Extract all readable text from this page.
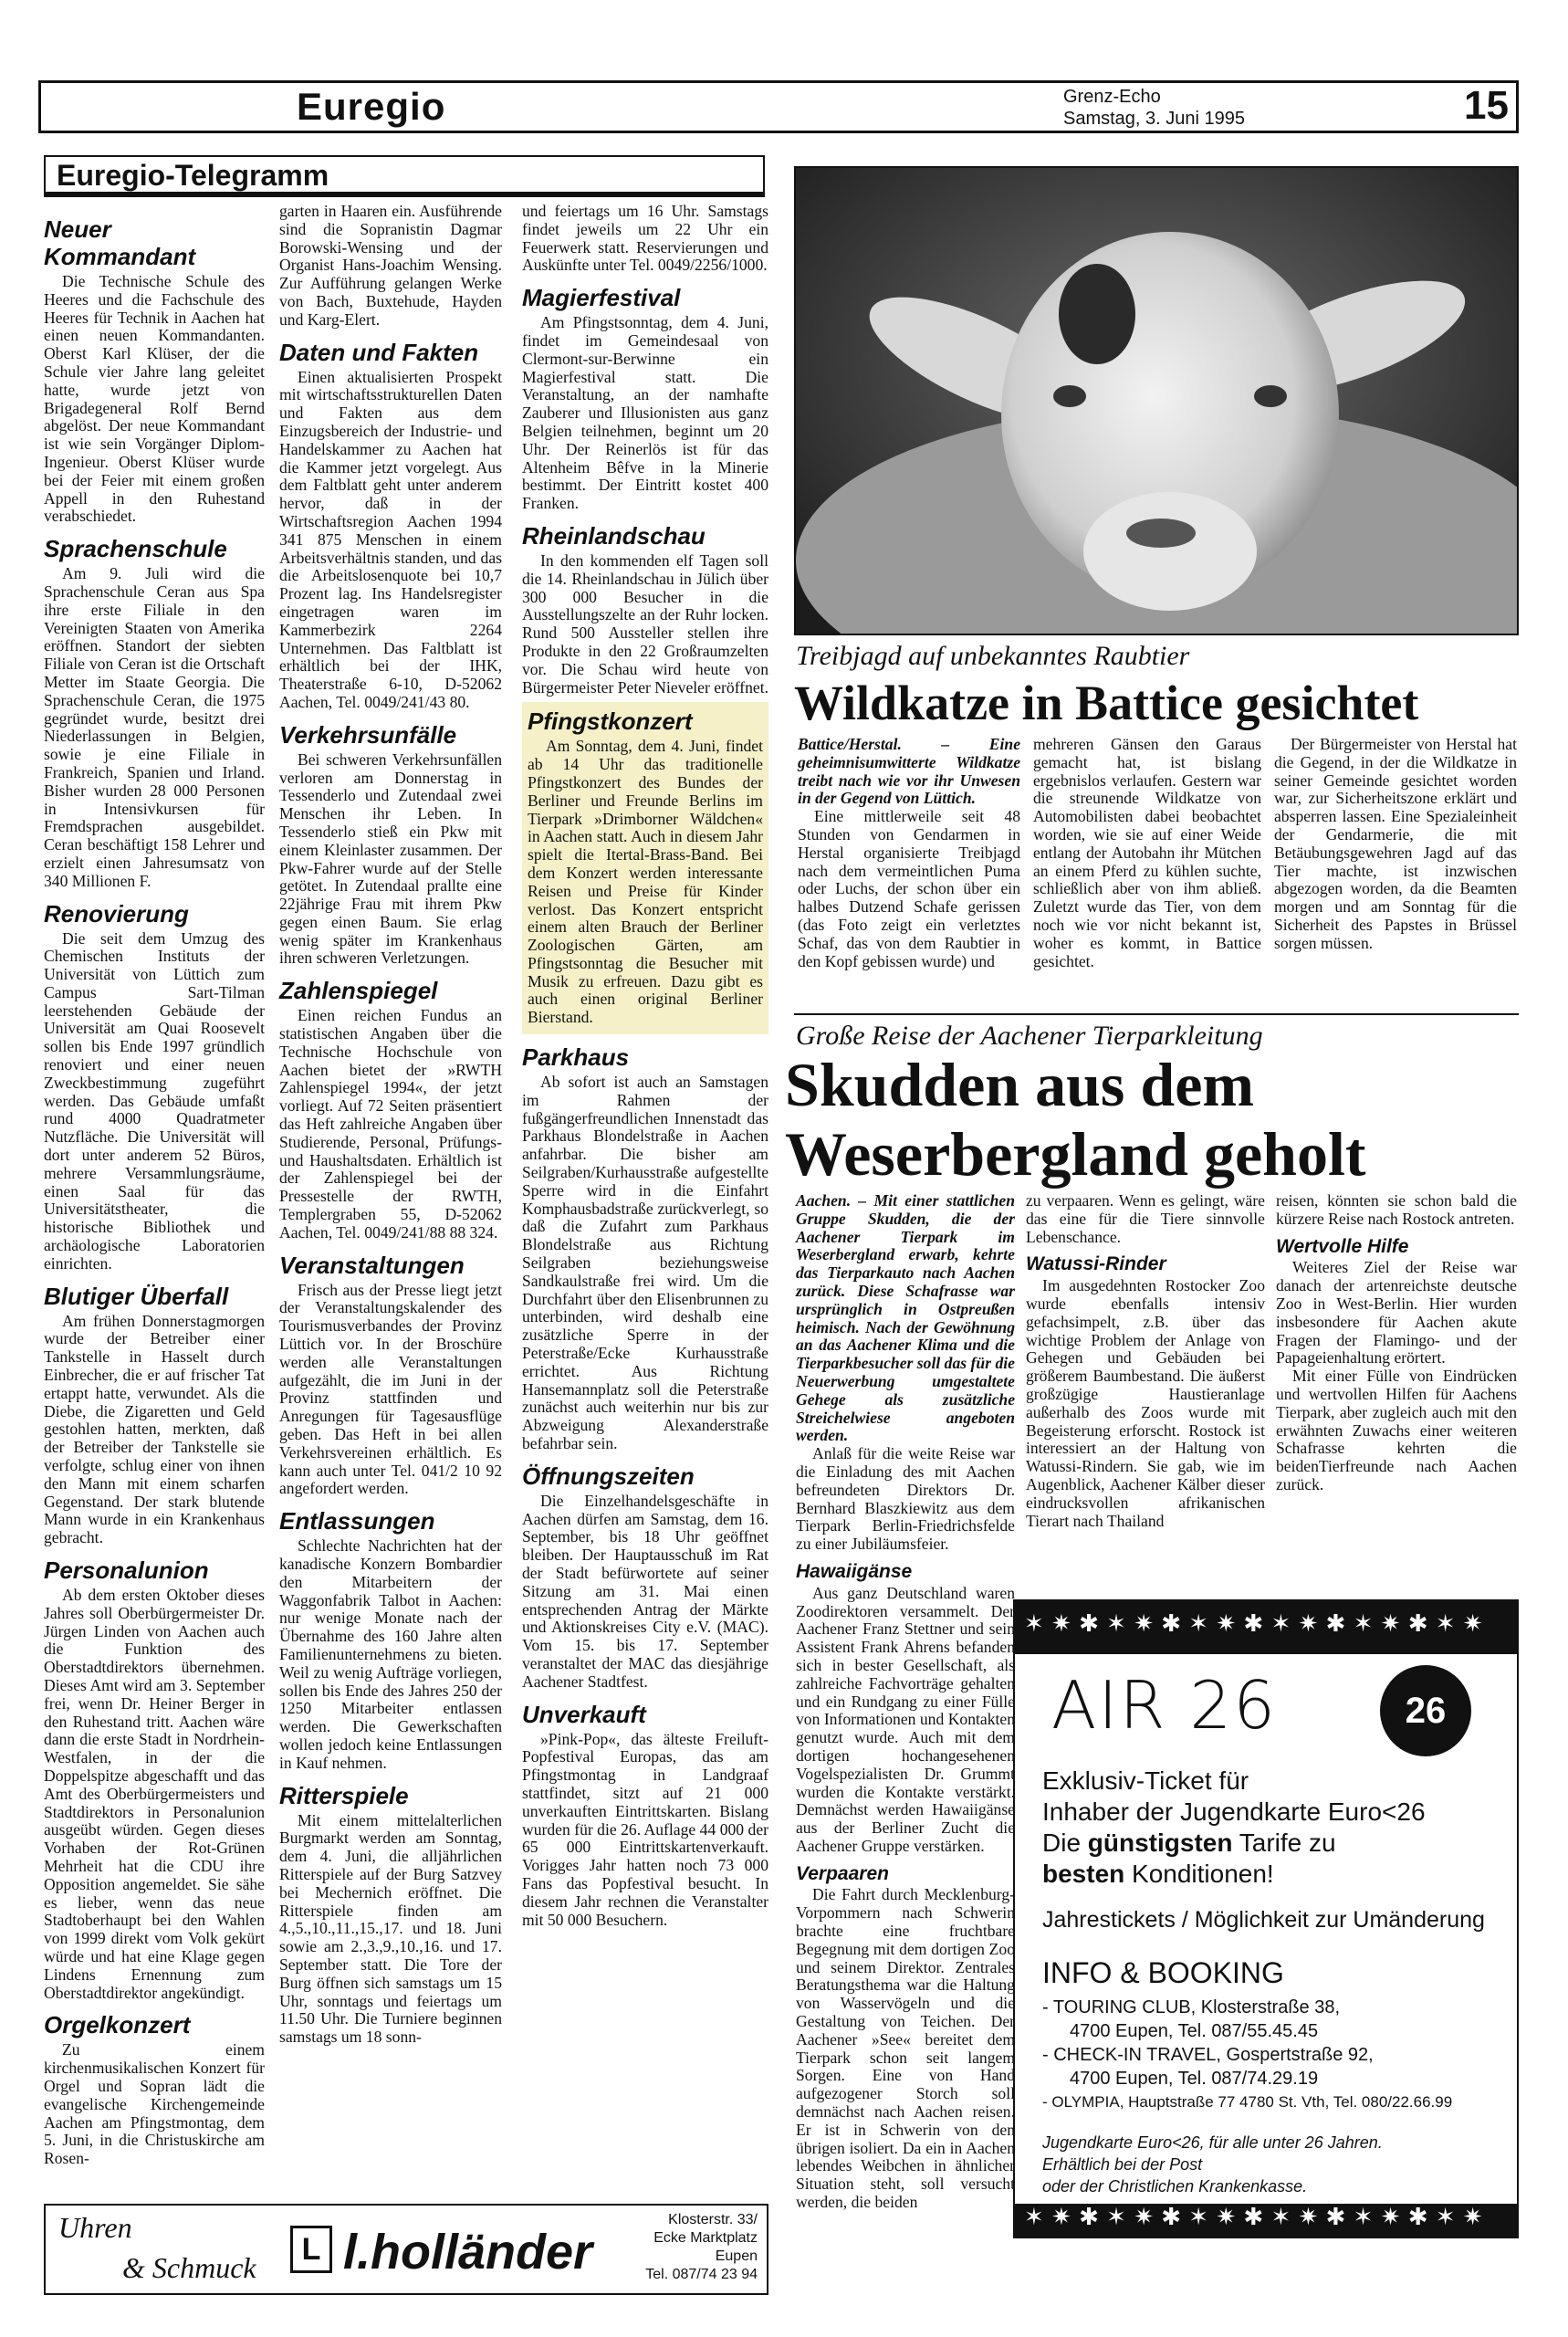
Euregio	Grenz-Echo
Samstag, 3. Juni 1995	15
Euregio-Telegramm
Neuer Kommandant

Die Technische Schule des Heeres und die Fachschule des Heeres für Technik in Aachen hat einen neuen Kommandanten. Oberst Karl Klüser, der die Schule vier Jahre lang geleitet hatte, wurde jetzt von Brigadegeneral Rolf Bernd abgelöst. Der neue Kommandant ist wie sein Vorgänger Diplom-Ingenieur. Oberst Klüser wurde bei der Feier mit einem großen Appell in den Ruhestand verabschiedet.

Sprachenschule

Am 9. Juli wird die Sprachenschule Ceran aus Spa ihre erste Filiale in den Vereinigten Staaten von Amerika eröffnen. Standort der siebten Filiale von Ceran ist die Ortschaft Metter im Staate Georgia. Die Sprachenschule Ceran, die 1975 gegründet wurde, besitzt drei Niederlassungen in Belgien, sowie je eine Filiale in Frankreich, Spanien und Irland. Bisher wurden 28 000 Personen in Intensivkursen für Fremdsprachen ausgebildet. Ceran beschäftigt 158 Lehrer und erzielt einen Jahresumsatz von 340 Millionen F.

Renovierung

Die seit dem Umzug des Chemischen Instituts der Universität von Lüttich zum Campus Sart-Tilman leerstehenden Gebäude der Universität am Quai Roosevelt sollen bis Ende 1997 gründlich renoviert und einer neuen Zweckbestimmung zugeführt werden. Das Gebäude umfaßt rund 4000 Quadratmeter Nutzfläche. Die Universität will dort unter anderem 52 Büros, mehrere Versammlungsräume, einen Saal für das Universitätstheater, die historische Bibliothek und archäologische Laboratorien einrichten.

Blutiger Überfall

Am frühen Donnerstagmorgen wurde der Betreiber einer Tankstelle in Hasselt durch Einbrecher, die er auf frischer Tat ertappt hatte, verwundet. Als die Diebe, die Zigaretten und Geld gestohlen hatten, merkten, daß der Betreiber der Tankstelle sie verfolgte, schlug einer von ihnen den Mann mit einem scharfen Gegenstand. Der stark blutende Mann wurde in ein Krankenhaus gebracht.

Personalunion

Ab dem ersten Oktober dieses Jahres soll Oberbürgermeister Dr. Jürgen Linden von Aachen auch die Funktion des Oberstadtdirektors übernehmen. Dieses Amt wird am 3. September frei, wenn Dr. Heiner Berger in den Ruhestand tritt. Aachen wäre dann die erste Stadt in Nordrhein-Westfalen, in der die Doppelspitze abgeschafft und das Amt des Oberbürgermeisters und Stadtdirektors in Personalunion ausgeübt würden. Gegen dieses Vorhaben der Rot-Grünen Mehrheit hat die CDU ihre Opposition angemeldet. Sie sähe es lieber, wenn das neue Stadtoberhaupt bei den Wahlen von 1999 direkt vom Volk gekürt würde und hat eine Klage gegen Lindens Ernennung zum Oberstadtdirektor angekündigt.

Orgelkonzert

Zu einem kirchenmusikalischen Konzert für Orgel und Sopran lädt die evangelische Kirchengemeinde Aachen am Pfingstmontag, dem 5. Juni, in die Christuskirche am Rosen-

garten in Haaren ein. Ausführende sind die Sopranistin Dagmar Borowski-Wensing und der Organist Hans-Joachim Wensing. Zur Aufführung gelangen Werke von Bach, Buxtehude, Hayden und Karg-Elert.

Daten und Fakten

Einen aktualisierten Prospekt mit wirtschaftsstrukturellen Daten und Fakten aus dem Einzugsbereich der Industrie- und Handelskammer zu Aachen hat die Kammer jetzt vorgelegt. Aus dem Faltblatt geht unter anderem hervor, daß in der Wirtschaftsregion Aachen 1994 341 875 Menschen in einem Arbeitsverhältnis standen, und das die Arbeitslosenquote bei 10,7 Prozent lag. Ins Handelsregister eingetragen waren im Kammerbezirk 2264 Unternehmen. Das Faltblatt ist erhältlich bei der IHK, Theaterstraße 6-10, D-52062 Aachen, Tel. 0049/241/43 80.

Verkehrsunfälle

Bei schweren Verkehrsunfällen verloren am Donnerstag in Tessenderlo und Zutendaal zwei Menschen ihr Leben. In Tessenderlo stieß ein Pkw mit einem Kleinlaster zusammen. Der Pkw-Fahrer wurde auf der Stelle getötet. In Zutendaal prallte eine 22jährige Frau mit ihrem Pkw gegen einen Baum. Sie erlag wenig später im Krankenhaus ihren schweren Verletzungen.

Zahlenspiegel

Einen reichen Fundus an statistischen Angaben über die Technische Hochschule von Aachen bietet der »RWTH Zahlenspiegel 1994«, der jetzt vorliegt. Auf 72 Seiten präsentiert das Heft zahlreiche Angaben über Studierende, Personal, Prüfungs-und Haushaltsdaten. Erhältlich ist der Zahlenspiegel bei der Pressestelle der RWTH, Templergraben 55, D-52062 Aachen, Tel. 0049/241/88 88 324.

Veranstaltungen

Frisch aus der Presse liegt jetzt der Veranstaltungskalender des Tourismusverbandes der Provinz Lüttich vor. In der Broschüre werden alle Veranstaltungen aufgezählt, die im Juni in der Provinz stattfinden und Anregungen für Tagesausflüge geben. Das Heft in bei allen Verkehrsvereinen erhältlich. Es kann auch unter Tel. 041/2 10 92 angefordert werden.

Entlassungen

Schlechte Nachrichten hat der kanadische Konzern Bombardier den Mitarbeitern der Waggonfabrik Talbot in Aachen: nur wenige Monate nach der Übernahme des 160 Jahre alten Familienunternehmens zu bieten. Weil zu wenig Aufträge vorliegen, sollen bis Ende des Jahres 250 der 1250 Mitarbeiter entlassen werden. Die Gewerkschaften wollen jedoch keine Entlassungen in Kauf nehmen.

Ritterspiele

Mit einem mittelalterlichen Burgmarkt werden am Sonntag, dem 4. Juni, die alljährlichen Ritterspiele auf der Burg Satzvey bei Mechernich eröffnet. Die Ritterspiele finden am 4.,5.,10.,11.,15.,17. und 18. Juni sowie am 2.,3.,9.,10.,16. und 17. September statt. Die Tore der Burg öffnen sich samstags um 15 Uhr, sonntags und feiertags um 11.50 Uhr. Die Turniere beginnen samstags um 18 sonn-

und feiertags um 16 Uhr. Samstags findet jeweils um 22 Uhr ein Feuerwerk statt. Reservierungen und Auskünfte unter Tel. 0049/2256/1000.

Magierfestival

Am Pfingstsonntag, dem 4. Juni, findet im Gemeindesaal von Clermont-sur-Berwinne ein Magierfestival statt. Die Veranstaltung, an der namhafte Zauberer und Illusionisten aus ganz Belgien teilnehmen, beginnt um 20 Uhr. Der Reinerlös ist für das Altenheim Bêfve in la Minerie bestimmt. Der Eintritt kostet 400 Franken.

Rheinlandschau

In den kommenden elf Tagen soll die 14. Rheinlandschau in Jülich über 300 000 Besucher in die Ausstellungszelte an der Ruhr locken. Rund 500 Aussteller stellen ihre Produkte in den 22 Großraumzelten vor. Die Schau wird heute von Bürgermeister Peter Nieveler eröffnet.

Pfingstkonzert

Am Sonntag, dem 4. Juni, findet ab 14 Uhr das traditionelle Pfingstkonzert des Bundes der Berliner und Freunde Berlins im Tierpark »Drimborner Wäldchen« in Aachen statt. Auch in diesem Jahr spielt die Itertal-Brass-Band. Bei dem Konzert werden interessante Reisen und Preise für Kinder verlost. Das Konzert entspricht einem alten Brauch der Berliner Zoologischen Gärten, am Pfingstsonntag die Besucher mit Musik zu erfreuen. Dazu gibt es auch einen original Berliner Bierstand.

Parkhaus

Ab sofort ist auch an Samstagen im Rahmen der fußgängerfreundlichen Innenstadt das Parkhaus Blondelstraße in Aachen anfahrbar. Die bisher am Seilgraben/Kurhausstraße aufgestellte Sperre wird in die Einfahrt Komphausbadstraße zurückverlegt, so daß die Zufahrt zum Parkhaus Blondelstraße aus Richtung Seilgraben beziehungsweise Sandkaulstraße frei wird. Um die Durchfahrt über den Elisenbrunnen zu unterbinden, wird deshalb eine zusätzliche Sperre in der Peterstraße/Ecke Kurhausstraße errichtet. Aus Richtung Hansemannplatz soll die Peterstraße zunächst auch weiterhin nur bis zur Abzweigung Alexanderstraße befahrbar sein.

Öffnungszeiten

Die Einzelhandelsgeschäfte in Aachen dürfen am Samstag, dem 16. September, bis 18 Uhr geöffnet bleiben. Der Hauptausschuß im Rat der Stadt befürwortete auf seiner Sitzung am 31. Mai einen entsprechenden Antrag der Märkte und Aktionskreises City e.V. (MAC). Vom 15. bis 17. September veranstaltet der MAC das diesjährige Aachener Stadtfest.

Unverkauft

»Pink-Pop«, das älteste Freiluft-Popfestival Europas, das am Pfingstmontag in Landgraaf stattfindet, sitzt auf 21 000 unverkauften Eintrittskarten. Bislang wurden für die 26. Auflage 44 000 der 65 000 Eintrittskartenverkauft. Vorigges Jahr hatten noch 73 000 Fans das Popfestival besucht. In diesem Jahr rechnen die Veranstalter mit 50 000 Besuchern.

Treibjagd auf unbekanntes Raubtier
Wildkatze in Battice gesichtet

Battice/Herstal. – Eine geheimnisumwitterte Wildkatze treibt nach wie vor ihr Unwesen in der Gegend von Lüttich.

Eine mittlerweile seit 48 Stunden von Gendarmen in Herstal organisierte Treibjagd nach dem vermeintlichen Puma oder Luchs, der schon über ein halbes Dutzend Schafe gerissen (das Foto zeigt ein verletztes Schaf, das von dem Raubtier in den Kopf gebissen wurde) und

mehreren Gänsen den Garaus gemacht hat, ist bislang ergebnislos verlaufen. Gestern war die streunende Wildkatze von Automobilisten dabei beobachtet worden, wie sie auf einer Weide entlang der Autobahn ihr Mütchen an einem Pferd zu kühlen suchte, schließlich aber von ihm abließ. Zuletzt wurde das Tier, von dem noch wie vor nicht bekannt ist, woher es kommt, in Battice gesichtet.

Der Bürgermeister von Herstal hat die Gegend, in der die Wildkatze in seiner Gemeinde gesichtet worden war, zur Sicherheitszone erklärt und absperren lassen. Eine Spezialeinheit der Gendarmerie, die mit Betäubungsgewehren Jagd auf das Tier machte, ist inzwischen abgezogen worden, da die Beamten morgen und am Sonntag für die Sicherheit des Papstes in Brüssel sorgen müssen.

Große Reise der Aachener Tierparkleitung
Skudden aus dem
Weserbergland geholt

Aachen. – Mit einer stattlichen Gruppe Skudden, die der Aachener Tierpark im Weserbergland erwarb, kehrte das Tierparkauto nach Aachen zurück. Diese Schafrasse war ursprünglich in Ostpreußen heimisch. Nach der Gewöhnung an das Aachener Klima und die Tierparkbesucher soll das für die Neuerwerbung umgestaltete Gehege als zusätzliche Streichelwiese angeboten werden.

Anlaß für die weite Reise war die Einladung des mit Aachen befreundeten Direktors Dr. Bernhard Blaszkiewitz aus dem Tierpark Berlin-Friedrichsfelde zu einer Jubiläumsfeier.

Hawaiigänse

Aus ganz Deutschland waren Zoodirektoren versammelt. Der Aachener Franz Stettner und sein Assistent Frank Ahrens befanden sich in bester Gesellschaft, als zahlreiche Fachvorträge gehalten und ein Rundgang zu einer Fülle von Informationen und Kontakten genutzt wurde. Auch mit dem dortigen hochangesehenen Vogelspezialisten Dr. Grummt wurden die Kontakte verstärkt. Demnächst werden Hawaiigänse aus der Berliner Zucht die Aachener Gruppe verstärken.

Verpaaren

Die Fahrt durch Mecklenburg-Vorpommern nach Schwerin brachte eine fruchtbare Begegnung mit dem dortigen Zoo und seinem Direktor. Zentrales Beratungsthema war die Haltung von Wasservögeln und die Gestaltung von Teichen. Der Aachener »See« bereitet dem Tierpark schon seit langem Sorgen. Eine von Hand aufgezogener Storch soll demnächst nach Aachen reisen. Er ist in Schwerin von den übrigen isoliert. Da ein in Aachen lebendes Weibchen in ähnlicher Situation steht, soll versucht werden, die beiden

zu verpaaren. Wenn es gelingt, wäre das eine für die Tiere sinnvolle Lebenschance.

Watussi-Rinder

Im ausgedehnten Rostocker Zoo wurde ebenfalls intensiv gefachsimpelt, z.B. über das wichtige Problem der Anlage von Gehegen und Gebäuden bei größerem Baumbestand. Die äußerst großzügige Haustieranlage außerhalb des Zoos wurde mit Begeisterung erforscht. Rostock ist interessiert an der Haltung von Watussi-Rindern. Sie gab, wie im Augenblick, Aachener Kälber dieser eindrucksvollen afrikanischen Tierart nach Thailand

reisen, könnten sie schon bald die kürzere Reise nach Rostock antreten.

Wertvolle Hilfe

Weiteres Ziel der Reise war danach der artenreichste deutsche Zoo in West-Berlin. Hier wurden insbesondere für Aachen akute Fragen der Flamingo- und der Papageienhaltung erörtert.

Mit einer Fülle von Eindrücken und wertvollen Hilfen für Aachens Tierpark, aber zugleich auch mit den erwähnten Zuwachs einer weiteren Schafrasse kehrten die beidenTierfreunde nach Aachen zurück.

✶ ✷ ✱ ✶ ✷ ✱ ✶ ✷ ✱ ✶ ✷ ✱ ✶ ✷ ✱ ✶ ✷
AIR 26	26
Exklusiv-Ticket für
Inhaber der Jugendkarte Euro<26
Die günstigsten Tarife zu
besten Konditionen!
Jahrestickets / Möglichkeit zur Umänderung
INFO & BOOKING
- TOURING CLUB, Klosterstraße 38,
4700 Eupen, Tel. 087/55.45.45
- CHECK-IN TRAVEL, Gospertstraße 92,
4700 Eupen, Tel. 087/74.29.19
- OLYMPIA, Hauptstraße 77 4780 St. Vth, Tel. 080/22.66.99
Jugendkarte Euro<26, für alle unter 26 Jahren.
Erhältlich bei der Post
oder der Christlichen Krankenkasse.
✶ ✷ ✱ ✶ ✷ ✱ ✶ ✷ ✱ ✶ ✷ ✱ ✶ ✷ ✱ ✶ ✷
Uhren
& Schmuck
L l.holländer
Klosterstr. 33/
Ecke Marktplatz
Eupen
Tel. 087/74 23 94
